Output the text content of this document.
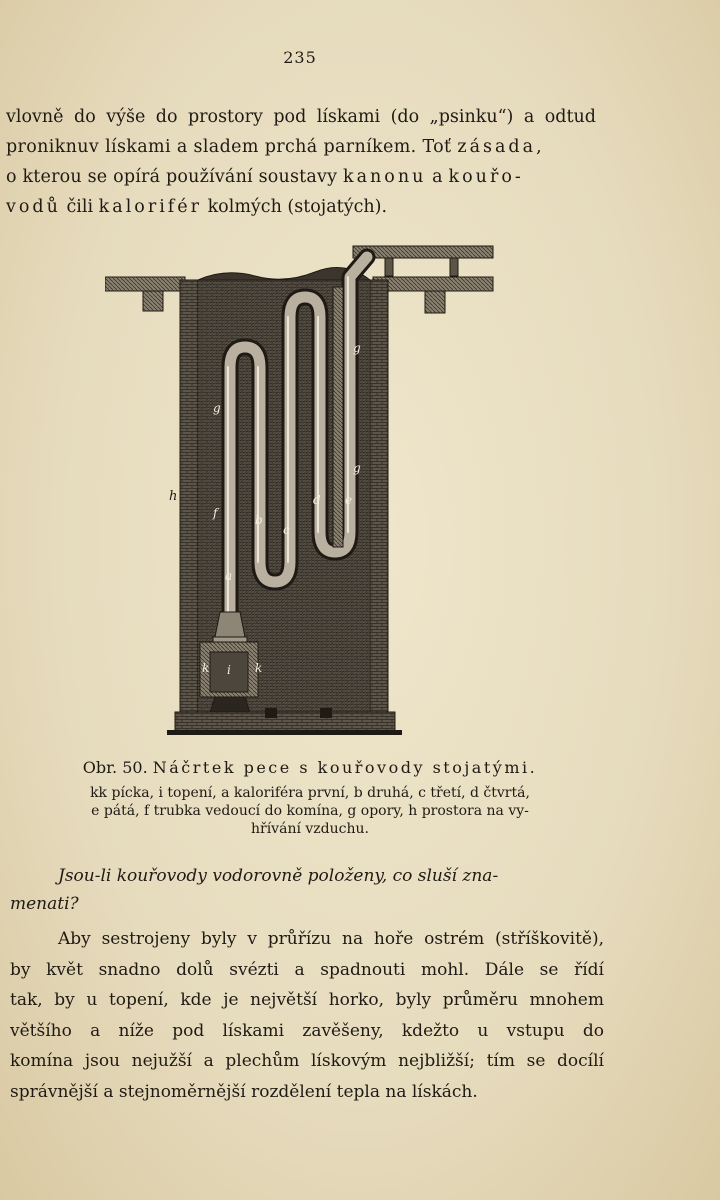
235
vlovně do výše do prostory pod lískami (do „psinku“) a odtud
proniknuv lískami a sladem prchá parníkem. Toť zásada,
o kterou se opírá používání soustavy kanonu a kouřo-
vodů čili kalorifér kolmých (stojatých).
g
f
a
b
c
d e
g
g
k	k
i
h
Obr. 50. Náčrtek pece s kouřovody stojatými.
kk pícka, i topení, a kaloriféra první, b druhá, c třetí, d čtvrtá,
e pátá, f trubka vedoucí do komína, g opory, h prostora na vy-
hřívání vzduchu.
Jsou-li kouřovody vodorovně položeny, co sluší zna-
menati?
Aby sestrojeny byly v průřízu na hoře ostrém (stříškovitě),
by květ snadno dolů svézti a spadnouti mohl. Dále se řídí
tak, by u topení, kde je největší horko, byly průměru mnohem
většího a níže pod lískami zavěšeny, kdežto u vstupu do
komína jsou nejužší a plechům lískovým nejbližší; tím se docílí
správnější a stejnoměrnější rozdělení tepla na lískách.
